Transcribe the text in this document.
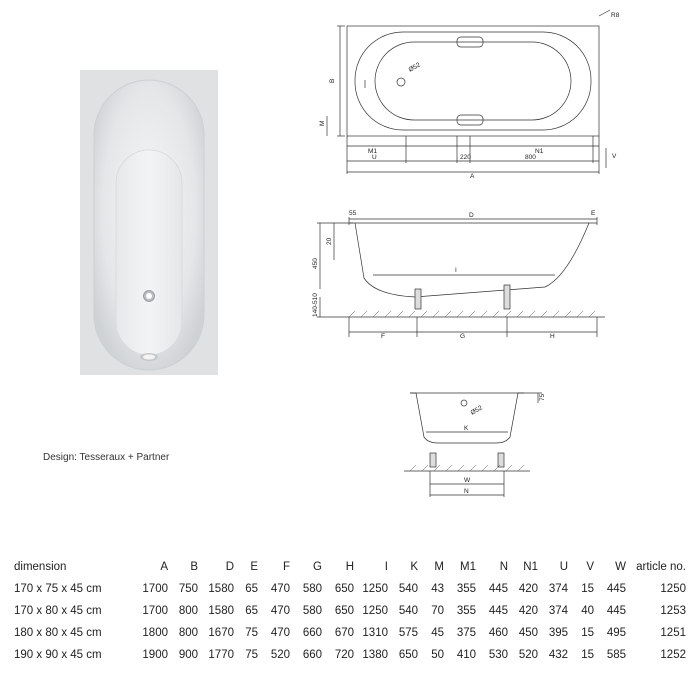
R8
B
M
Ø52
M1
U	220	800
N1
V
A
55	D	E
450
20
I
140-510
F	G	H
75
Ø52
K
W
N
Design: Tesseraux + Partner
dimension	A	B	D	E	F	G	H	I	K	M	M1	N	N1	U	V	W	article no.
170 x 75 x 45 cm	1700	750	1580	65	470	580	650	1250	540	43	355	445	420	374	15	445	1250
170 x 80 x 45 cm	1700	800	1580	65	470	580	650	1250	540	70	355	445	420	374	40	445	1253
180 x 80 x 45 cm	1800	800	1670	75	470	660	670	1310	575	45	375	460	450	395	15	495	1251
190 x 90 x 45 cm	1900	900	1770	75	520	660	720	1380	650	50	410	530	520	432	15	585	1252
